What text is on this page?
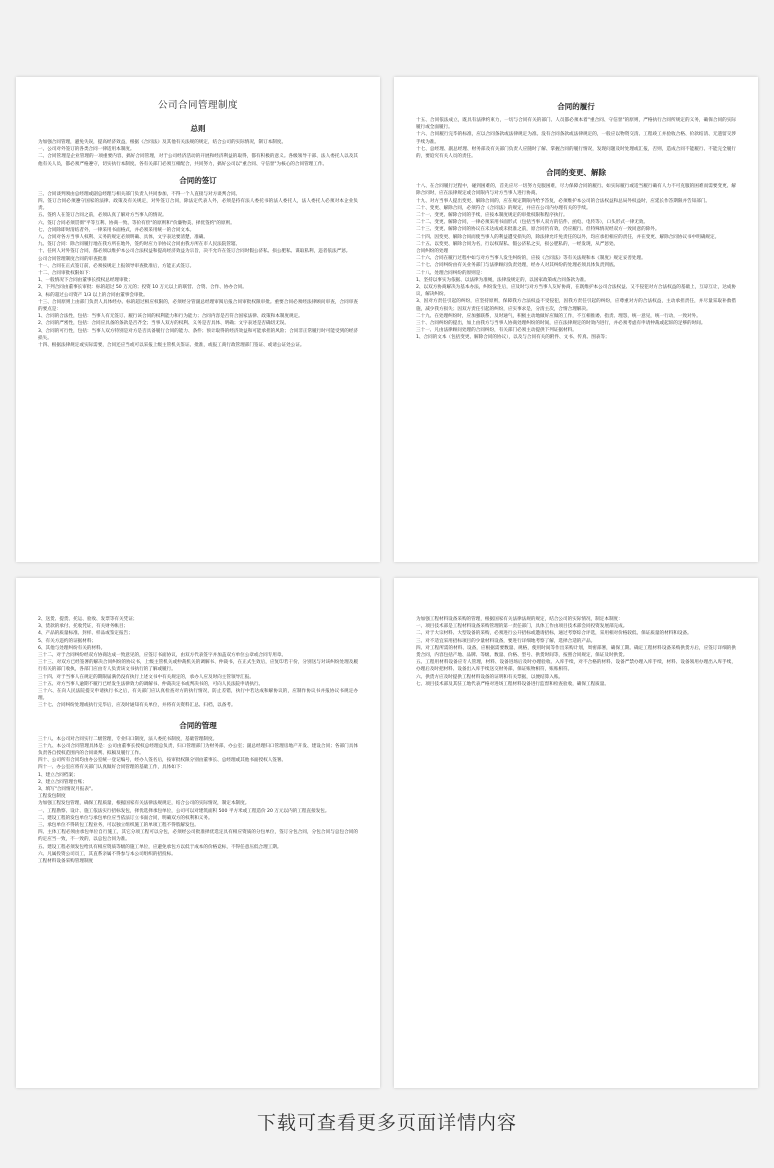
公司合同管理制度
总则

为加强合同管理，避免失误，提高经济效益，根据《合同法》及其他有关法规的规定，结合公司的实际情况，制订本制度。

一、公司对外签订的各类合同一律适用本制度。

二、合同管理是企业管理的一项重要内容，搞好合同管理，对于公司经济活动的开展和经济利益的取得，都有积极的意义。各级领导干部、法人委托人以及其他有关人员，都必须严格遵守，切实执行本制度。各有关部门必须互相配合，共同努力，搞好公司以"重合同、守信誉"为核心的合同管理工作。

合同的签订

三、合同谈判须由总经理或副总经理与相关部门负责人共同参加，不得一个人直接与对方谈判合同。

四、签订合同必须遵守国家的法律、政策及有关规定，对外签订合同，除法定代表人外，必须是持有法人委托书的法人委托人，法人委托人必须对本企业负责。

五、签约人在签订合同之前，必须认真了解对方当事人的情况。

六、签订合同必须贯彻"平等互利、协商一致、等价有偿"的原则和"价廉物美、择优签约"的原则。

七、合同除即时清结者外，一律采用书面格式，并必须采用统一的合同文本。

八、合同对各方当事人权利、义务的规定必须明确、具体，文字表达要清楚、准确。

九、签订合同：除合同履行地在我方所在地外，签约时应力争协议合同由我方所在市人民法院管辖。

十、任何人对外签订合同，都必须以维护本公司合法权益和提高经济效益为宗旨，决不允许在签订合同时假公济私、损公肥私、谋取私利，违者依法严惩。

公司合同管理制度合同的审查批准

十一、合同在正式签订前，必须按规定上报领导审查批准后，方能正式签订。

十二、合同审批权限如下：

1、一般情况下合同由董事长授权总经理审批；

2、下列合同由董事长审批：标的超过 50 万元的；投资 10 万元以上的联营、合资、合作、协办合同。

3、标的超过公司资产 1/3 以上的合同由董事会审批。

十三、合同原则上由部门负责人具体经办。标的超过相应权限的，必须经分管副总经理审阅后报合同审批权限审批。重要合同必须经法律顾问审查，合同审查的要点是：

1、合同的合法性，包括：当事人有无签订、履行该合同的权利能力和行为能力；合同内容是否符合国家法律、政策和本制度规定。

2、合同的严密性，包括：合同应具备的条款是否齐全；当事人双方的权利、义务是否具体、明确；文字表述是否确切无误。

3、合同的可行性，包括：当事人双方特别是对方是否具备履行合同的能力、条件；预计取得的经济效益和可能承担的风险；合同非正常履行时可能受到的经济损失。

十四、根据法律规定或实际需要，合同还应当或可以采报上级主管机关鉴证、批准，或报工商行政管理部门签证、或请公证处公证。

合同的履行

十五、合同依法成立，既具有法律约束力，一切与合同有关的部门、人员都必须本着"重合同、守信誉"的原则，严格执行合同所规定的义务，确保合同的实际履行或全面履行。

十六、合同履行完毕的标准，应以合同条款或法律规定为准。没有合同条款或法律规定的，一般应以物资交清、工程竣工并验收合格、价款结清、无遗留交涉手续为准。

十七、总经理、副总经理、财务部及有关部门负责人应随时了解、掌握合同的履行情况，发现问题及时处理或汇报，否则，造成合同不能履行、不能完全履行的，要追究有关人员的责任。

合同的变更、解除

十八、在合同履行过程中，碰到困难的，首先应尽一切努力克服困难，尽力保障合同的履行。如实际履行或适当履行确有人力不可克服的困难而需要变更、解除合同时，应在法律规定或合同限内与对方当事人进行协商。

十九、对方当事人提出变更、解除合同的，应在规定期限内给予答复，必须维护本公司的合法权益和总局外权益时，应延长作答期限并告知部门。

二十、变更、解除合同，必须符合《合同法》的规定，并应在公司内办理有关的手续。

二十一、变更、解除合同的手续，应按本制度规定的审批权限和程序执行。

二十二、变更、解除合同，一律必须采用书面形式（包括当事人双方的信件、函电、电传等），口头形式一律无效。

二十三、变更、解除合同的协议在未达成或未批准之前，原合同仍有效，仍应履行。但特殊情况经双方一致同意的除外。

二十四、因变更、解除合同而使当事人的利益遭受损失的，除法律允许免责任的以外，均应承担相应的责任，并在变更、解除合同协议书中明确规定。

二十五、以变更、解除合同为名，行以权谋私、假公济私之实，损公肥私的，一经发现，从严惩处。

合同纠纷的处理

二十六、合同在履行过程中如与对方当事人发生纠纷的，应按《合同法》等有关法规和本《制度》规定妥善处理。

二十七、合同纠纷由有关业务部门与法律顾问负责处理，经办人对其纠纷的处理必须具体负责到底。

二十八、处理合同纠纷的原则是：

1、坚持以事实为依据、以法律为准绳，法律没规定的，以国家政策或合同条款为准。

2、以双方协商解决为基本办法，纠纷发生后，应及时与对方当事人友好协商，在既维护本公司合法权益、又不侵犯对方合法权益的基础上，互谅互让，达成协议，解决纠纷。

3、因对方责任引起的纠纷，应坚持原则，保障我方合法权益不受侵犯，因我方责任引起的纠纷，应尊重对方的合法权益，主动承担责任，并尽量采取补救措施，减少我方损失；因双方责任引起的纠纷，应实事求是，分清主次，合情合理解决。

二十九、在处理纠纷时，应加强联系，及时通气，积极主动地做好应做的工作，不互相推诿、指责、埋怨，统一意见，统一行动，一致对外。

三十、合同纠纷的提出，加上由我方与当事人协商处理纠纷的时间，应在法律规定的时效内进行，并必须考虑有申请仲裁或起诉的足够的时间。

三十一、凡由法律顾问处理的合同纠纷，有关部门必须主动提供下列证据材料。

1、合同的文本（包括变更、解除合同的协议），以及与合同有关的附件、文书、传真、图表等；

2、送货、提货、托运、验收、发票等有关凭证；

3、货款的承付、托收凭证，有关财务帐目；

4、产品的质量标准、封样、样品或鉴定报告；

5、有关方违约的证据材料；

6、其他与处理纠纷有关的材料。

三十二、对于合同纠纷经双方协商达成一致意见的，应签订书面协议，由双方代表签字并加盖双方单位公章或合同专用章。

三十三、对双方已经签署的解决合同纠纷的协议书，上级主管机关或仲裁机关的调解书、仲裁书，在正式生效后，应复印若干份，分别送与对该纠纷处理及履行有关的部门收执，各部门应由专人负责该文书执行的了解或履行。

三十四、对于当事人在规定的期限届满仍没有执行上述文书中有关规定的，承办人应及时向主管领导汇报。

三十五、对方当事人逾期不履行已经发生法律效力的调解书、仲裁决定书或判决书的，可向人民法院申请执行。

三十六、在向人民法院提交申请执行书之后，有关部门应认真检查对方的执行情况，防止差错，执行中若达成和解协议的，应制作协议书并报协议书规定办理。

三十七、合同纠纷处理或执行完毕后，应及时通知有关单位，并将有关资料汇总、归档，以备考。

合同的管理

三十八、本公司对合同实行二级管理，专业归口制度，法人委托书制度，基础管理制度。

三十九、本公司合同管理具体是：公司由董事长授权总经理总负责，归口管理部门为财务部，办公室；副总经理归口管理房地产开发、建设合同；各部门具体负责各自授权范围内的合同谈判、拟稿及履行工作。

四十、公司所有合同均由办公室统一登记编号，经办人签名后，按审批权限分别由董事长、总经理或其他书面授权人签署。

四十一、办公室应将有关部门认真做好合同管理的基础工作，具体如下：

1、建立合同档案；

2、建立合同管理台账；

3、填写"合同情况月报表"。

工程发包制度

为加强工程发包管理，确保工程质量，根据国家有关法律法规规定，结合公司的实际情况，制定本制度。

一、工程勘察、设计、施工依法实行招标发包，择优选择承包单位，公司可以对建筑面积 500 平方米或工程造价 20 万元以内的工程直接发包。

二、建设工程的发包单位与承包单位应当依法订立书面合同，明确双方的权利和义务。

三、承包单位不得转包工程业务，可以独立组织施工的单项工程不得肢解发包。

四、主体工程必须由承包单位自行施工，其它分项工程可以分包，必须经公司批准择优选定具有相应资质的分包单位，签订分包合同，分包合同与总包合同的约定应当一致，不一致的，以总包合同为准。

五、建设工程必须发包给具有相应资质等级的施工单位，应避免承包方以低于成本的价格竞标，不得任意压低合理工期。

六、凡属投资公司员工，其直系亲属不得参与本公司组织的招投标。

工程材料设备采购管理制度

为加强工程材料设备采购的管理，根据国家有关法律法规的规定，结合公司的实际情况，制定本制度：

一、项目技术部是工程材料设备采购管理的第一责任部门，具体工作由项目技术部会同投资发展部完成。

二、对于大宗材料、大型设备的采购，必须进行公开招标或邀请招标，通过考察综合评选，采用相对价格较低、保证质量的材料和设备。

三、对不适宜采用招标项目的少量材料设备，要进行详细地考察了解，选择合适的产品。

四、对工程所需的材料、设备，应根据需要数量、规格，使用时间等作出采购计划，周密部署，确保工期。确定工程材料设备采购供货方后，应签订详细的供货合同，内容包括产地、品牌、等级、数量、价格、型号、供货时间等，按照合同规定，保证及时供货。

五、工程用材料设备应专人管理，材料、设备进场后及时办理验收、入库手续，对不合格的材料、设备严禁办理入库手续，材料、设备领用办理出入库手续，办理后及时把材料、设备出入库手续送交财务部，保证账物相符，账账相符。

六、供货方应及时提供工程材料设备的证明和有关票据，以便结算入账。

七、项目技术部及其驻工地代表严格对进场工程材料设备进行监督和检查验收，确保工程质量。

下载可查看更多页面详情内容
